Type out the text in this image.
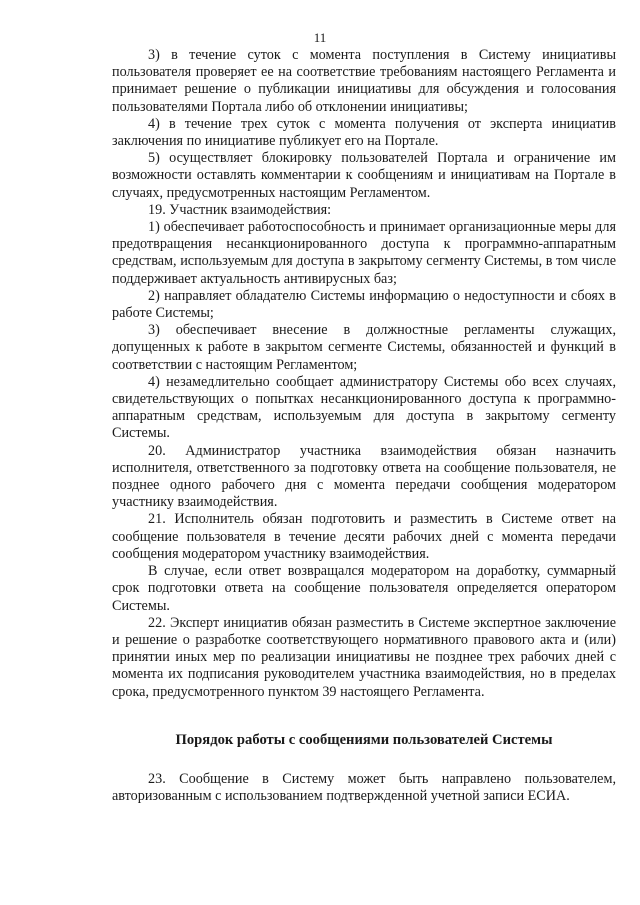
11

3) в течение суток с момента поступления в Систему инициативы пользователя проверяет ее на соответствие требованиям настоящего Регламента и принимает решение о публикации инициативы для обсуждения и голосования пользователями Портала либо об отклонении инициативы;

4) в течение трех суток с момента получения от эксперта инициатив заключения по инициативе публикует его на Портале.

5) осуществляет блокировку пользователей Портала и ограничение им возможности оставлять комментарии к сообщениям и инициативам на Портале в случаях, предусмотренных настоящим Регламентом.

19. Участник взаимодействия:

1) обеспечивает работоспособность и принимает организационные меры для предотвращения несанкционированного доступа к программно-аппаратным средствам, используемым для доступа в закрытому сегменту Системы, в том числе поддерживает актуальность антивирусных баз;

2) направляет обладателю Системы информацию о недоступности и сбоях в работе Системы;

3) обеспечивает внесение в должностные регламенты служащих, допущенных к работе в закрытом сегменте Системы, обязанностей и функций в соответствии с настоящим Регламентом;

4) незамедлительно сообщает администратору Системы обо всех случаях, свидетельствующих о попытках несанкционированного доступа к программно-аппаратным средствам, используемым для доступа в закрытому сегменту Системы.

20. Администратор участника взаимодействия обязан назначить исполнителя, ответственного за подготовку ответа на сообщение пользователя, не позднее одного рабочего дня с момента передачи сообщения модератором участнику взаимодействия.

21. Исполнитель обязан подготовить и разместить в Системе ответ на сообщение пользователя в течение десяти рабочих дней с момента передачи сообщения модератором участнику взаимодействия.

В случае, если ответ возвращался модератором на доработку, суммарный срок подготовки ответа на сообщение пользователя определяется оператором Системы.

22. Эксперт инициатив обязан разместить в Системе экспертное заключение и решение о разработке соответствующего нормативного правового акта и (или) принятии иных мер по реализации инициативы не позднее трех рабочих дней с момента их подписания руководителем участника взаимодействия, но в пределах срока, предусмотренного пунктом 39 настоящего Регламента.

Порядок работы с сообщениями пользователей Системы

23. Сообщение в Систему может быть направлено пользователем, авторизованным с использованием подтвержденной учетной записи ЕСИА.
